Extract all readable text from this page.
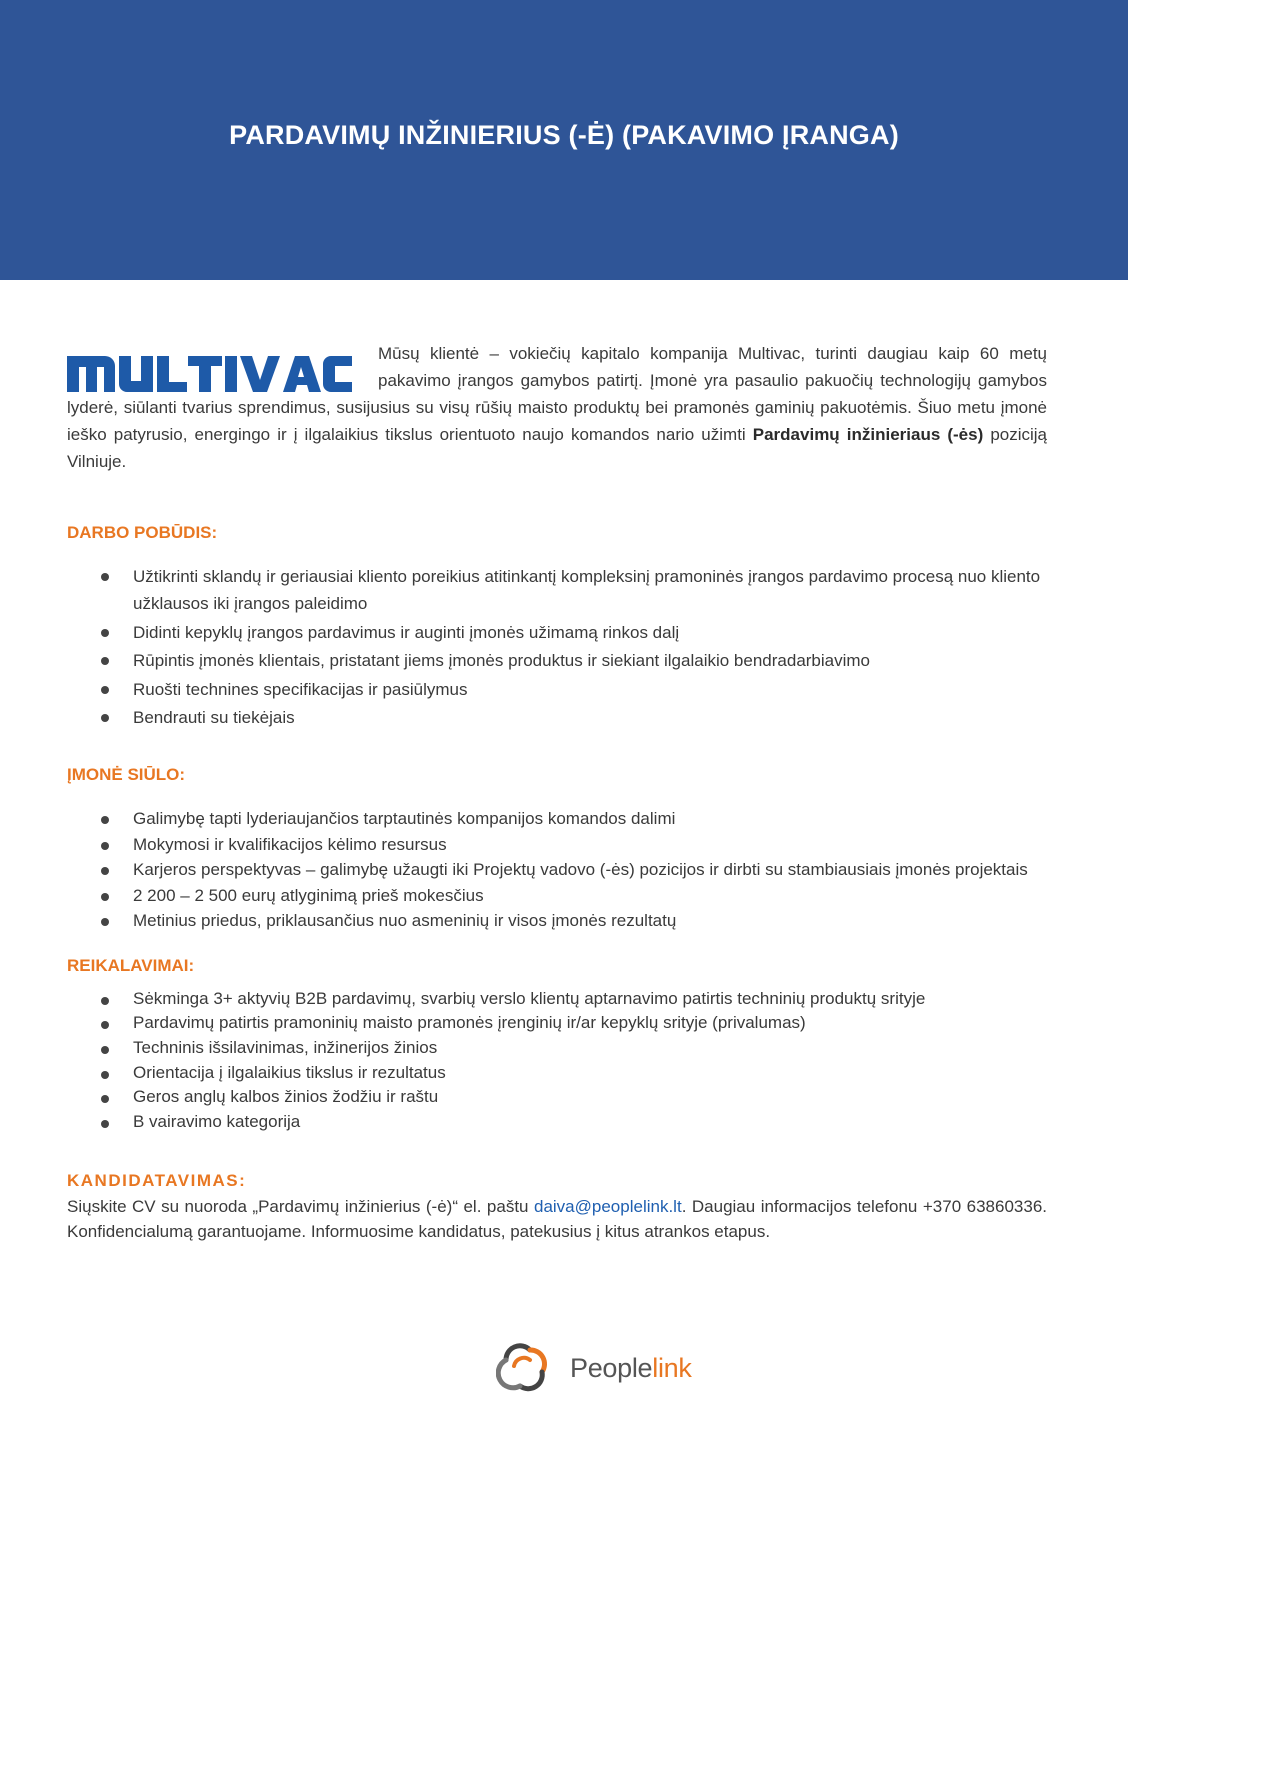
PARDAVIMŲ INŽINIERIUS (-Ė) (PAKAVIMO ĮRANGA)

Mūsų klientė – vokiečių kapitalo kompanija Multivac, turinti daugiau kaip 60 metų pakavimo įrangos gamybos patirtį. Įmonė yra pasaulio pakuočių technologijų gamybos lyderė, siūlanti tvarius sprendimus, susijusius su visų rūšių maisto produktų bei pramonės gaminių pakuotėmis. Šiuo metu įmonė ieško patyrusio, energingo ir į ilgalaikius tikslus orientuoto naujo komandos nario užimti Pardavimų inžinieriaus (-ės) poziciją Vilniuje.

DARBO POBŪDIS:
Užtikrinti sklandų ir geriausiai kliento poreikius atitinkantį kompleksinį pramoninės įrangos pardavimo procesą nuo kliento užklausos iki įrangos paleidimo
Didinti kepyklų įrangos pardavimus ir auginti įmonės užimamą rinkos dalį
Rūpintis įmonės klientais, pristatant jiems įmonės produktus ir siekiant ilgalaikio bendradarbiavimo
Ruošti technines specifikacijas ir pasiūlymus
Bendrauti su tiekėjais
ĮMONĖ SIŪLO:
Galimybę tapti lyderiaujančios tarptautinės kompanijos komandos dalimi
Mokymosi ir kvalifikacijos kėlimo resursus
Karjeros perspektyvas – galimybę užaugti iki Projektų vadovo (-ės) pozicijos ir dirbti su stambiausiais įmonės projektais
2 200 – 2 500 eurų atlyginimą prieš mokesčius
Metinius priedus, priklausančius nuo asmeninių ir visos įmonės rezultatų
REIKALAVIMAI:
Sėkminga 3+ aktyvių B2B pardavimų, svarbių verslo klientų aptarnavimo patirtis techninių produktų srityje
Pardavimų patirtis pramoninių maisto pramonės įrenginių ir/ar kepyklų srityje (privalumas)
Techninis išsilavinimas, inžinerijos žinios
Orientacija į ilgalaikius tikslus ir rezultatus
Geros anglų kalbos žinios žodžiu ir raštu
B vairavimo kategorija
KANDIDATAVIMAS:

Siųskite CV su nuoroda „Pardavimų inžinierius (-ė)“ el. paštu daiva@peoplelink.lt. Daugiau informacijos telefonu +370 63860336. Konfidencialumą garantuojame. Informuosime kandidatus, patekusius į kitus atrankos etapus.

Peoplelink
